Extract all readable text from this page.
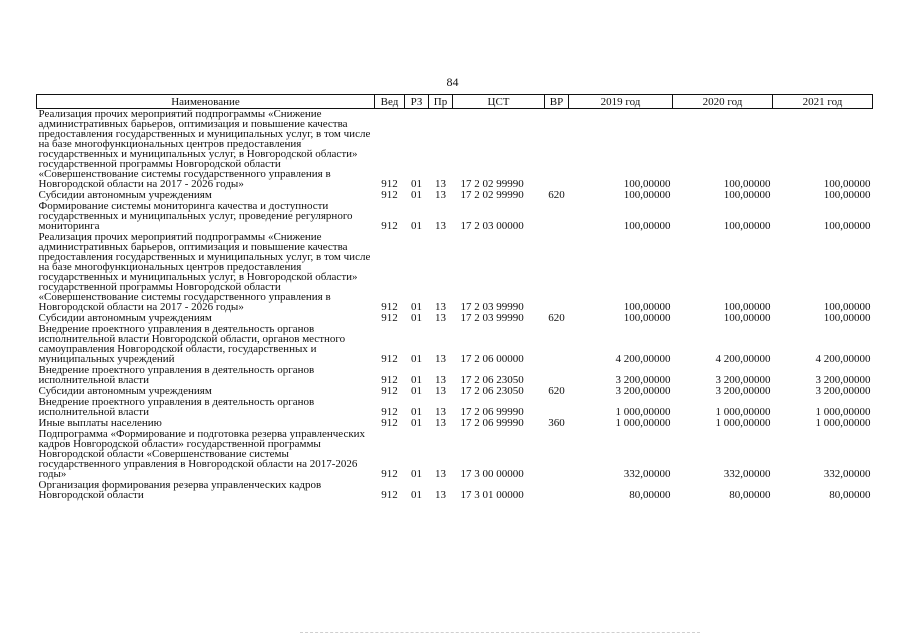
84
Наименование	Вед	РЗ	Пр	ЦСТ	ВР	2019 год	2020 год	2021 год
Реализация прочих мероприятий подпрограммы «Снижение административных барьеров, оптимизация и повышение качества предоставления государственных и муниципальных услуг, в том числе на базе многофункциональных центров предоставления государственных и муниципальных услуг, в Новгородской области» государственной программы Новгородской области «Совершенствование системы государственного управления в Новгородской области на 2017 - 2026 годы»	912	01	13	17 2 02 99990		100,00000	100,00000	100,00000
Субсидии автономным учреждениям	912	01	13	17 2 02 99990	620	100,00000	100,00000	100,00000
Формирование системы мониторинга качества и доступности государственных и муниципальных услуг, проведение регулярного мониторинга	912	01	13	17 2 03 00000		100,00000	100,00000	100,00000
Реализация прочих мероприятий подпрограммы «Снижение административных барьеров, оптимизация и повышение качества предоставления государственных и муниципальных услуг, в том числе на базе многофункциональных центров предоставления государственных и муниципальных услуг, в Новгородской области» государственной программы Новгородской области «Совершенствование системы государственного управления в Новгородской области на 2017 - 2026 годы»	912	01	13	17 2 03 99990		100,00000	100,00000	100,00000
Субсидии автономным учреждениям	912	01	13	17 2 03 99990	620	100,00000	100,00000	100,00000
Внедрение проектного управления в деятельность органов исполнительной власти Новгородской области, органов местного самоуправления Новгородской области, государственных и муниципальных учреждений	912	01	13	17 2 06 00000		4 200,00000	4 200,00000	4 200,00000
Внедрение проектного управления в деятельность органов исполнительной власти	912	01	13	17 2 06 23050		3 200,00000	3 200,00000	3 200,00000
Субсидии автономным учреждениям	912	01	13	17 2 06 23050	620	3 200,00000	3 200,00000	3 200,00000
Внедрение проектного управления в деятельность органов исполнительной власти	912	01	13	17 2 06 99990		1 000,00000	1 000,00000	1 000,00000
Иные выплаты населению	912	01	13	17 2 06 99990	360	1 000,00000	1 000,00000	1 000,00000
Подпрограмма «Формирование и подготовка резерва управленческих кадров Новгородской области» государственной программы Новгородской области «Совершенствование системы государственного управления в Новгородской области на 2017-2026 годы»	912	01	13	17 3 00 00000		332,00000	332,00000	332,00000
Организация формирования резерва управленческих кадров Новгородской области	912	01	13	17 3 01 00000		80,00000	80,00000	80,00000
